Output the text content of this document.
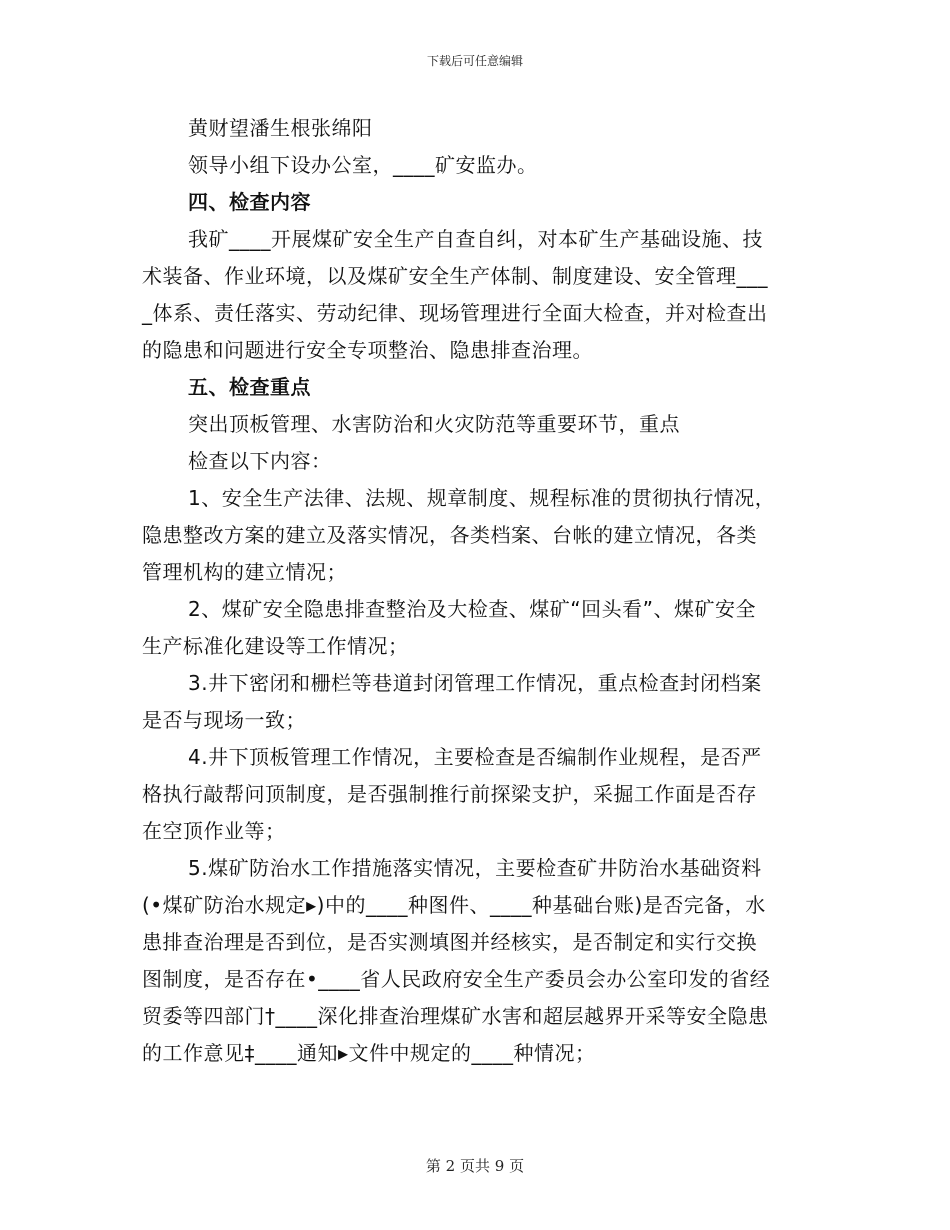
下载后可任意编辑
黄财望潘生根张绵阳
领导小组下设办公室，____矿安监办。
四、检查内容
我矿____开展煤矿安全生产自查自纠，对本矿生产基础设施、技
术装备、作业环境，以及煤矿安全生产体制、制度建设、安全管理___
_体系、责任落实、劳动纪律、现场管理进行全面大检查，并对检查出
的隐患和问题进行安全专项整治、隐患排查治理。
五、检查重点
突出顶板管理、水害防治和火灾防范等重要环节，重点
检查以下内容：
1、安全生产法律、法规、规章制度、规程标准的贯彻执行情况，
隐患整改方案的建立及落实情况，各类档案、台帐的建立情况，各类
管理机构的建立情况；
2、煤矿安全隐患排查整治及大检查、煤矿“回头看”、煤矿安全
生产标准化建设等工作情况；
3.井下密闭和栅栏等巷道封闭管理工作情况，重点检查封闭档案
是否与现场一致；
4.井下顶板管理工作情况，主要检查是否编制作业规程，是否严
格执行敲帮问顶制度，是否强制推行前探梁支护，采掘工作面是否存
在空顶作业等；
5.煤矿防治水工作措施落实情况，主要检查矿井防治水基础资料
(•煤矿防治水规定▸)中的____种图件、____种基础台账)是否完备，水
患排查治理是否到位，是否实测填图并经核实，是否制定和实行交换
图制度，是否存在•____省人民政府安全生产委员会办公室印发的省经
贸委等四部门†____深化排查治理煤矿水害和超层越界开采等安全隐患
的工作意见‡____通知▸文件中规定的____种情况；
第 2 页共 9 页
